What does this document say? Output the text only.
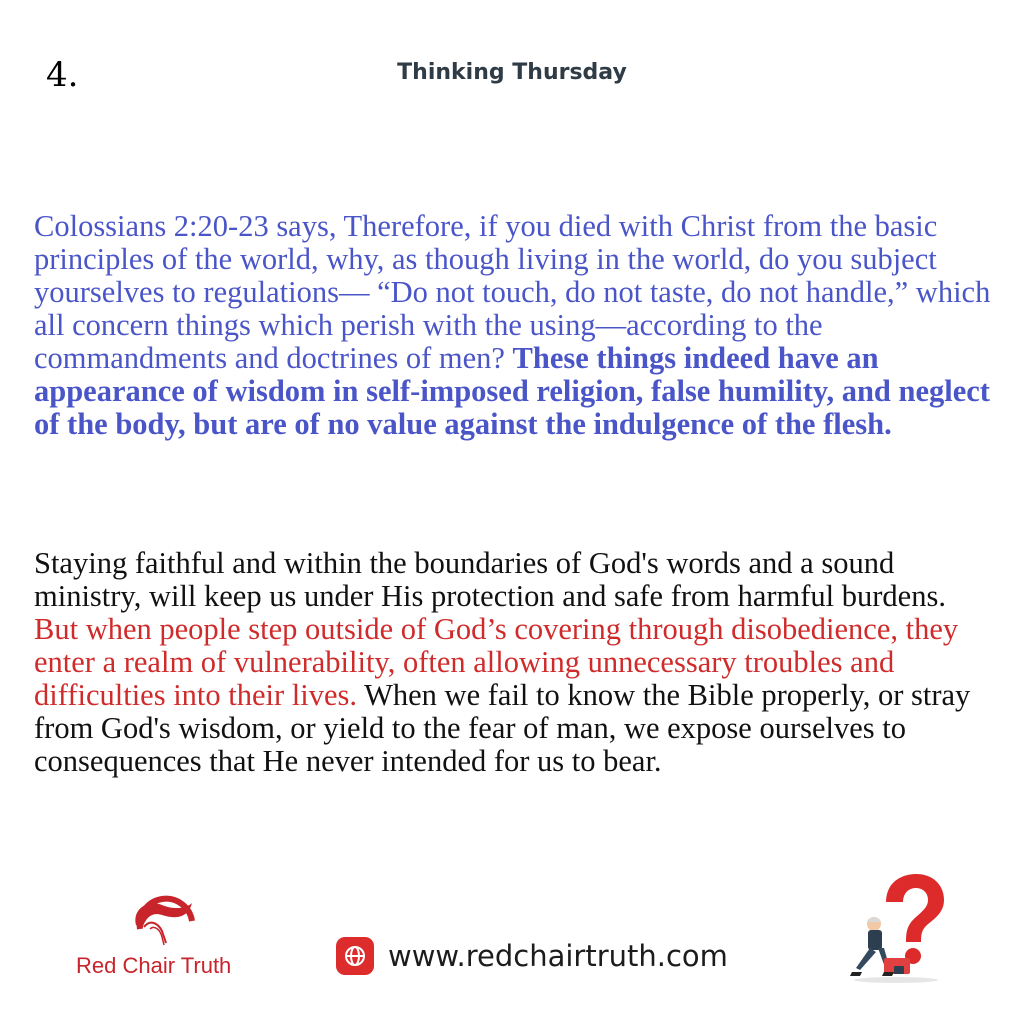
4.	Thinking Thursday

Colossians 2:20-23 says, Therefore, if you died with Christ from the basic principles of the world, why, as though living in the world, do you subject yourselves to regulations— “Do not touch, do not taste, do not handle,” which all concern things which perish with the using—according to the commandments and doctrines of men? These things indeed have an appearance of wisdom in self-imposed religion, false humility, and neglect of the body, but are of no value against the indulgence of the flesh.

Staying faithful and within the boundaries of God's words and a sound ministry, will keep us under His protection and safe from harmful burdens. But when people step outside of God’s covering through disobedience, they enter a realm of vulnerability, often allowing unnecessary troubles and difficulties into their lives. When we fail to know the Bible properly, or stray from God's wisdom, or yield to the fear of man, we expose ourselves to consequences that He never intended for us to bear.

Red Chair Truth	www.redchairtruth.com
